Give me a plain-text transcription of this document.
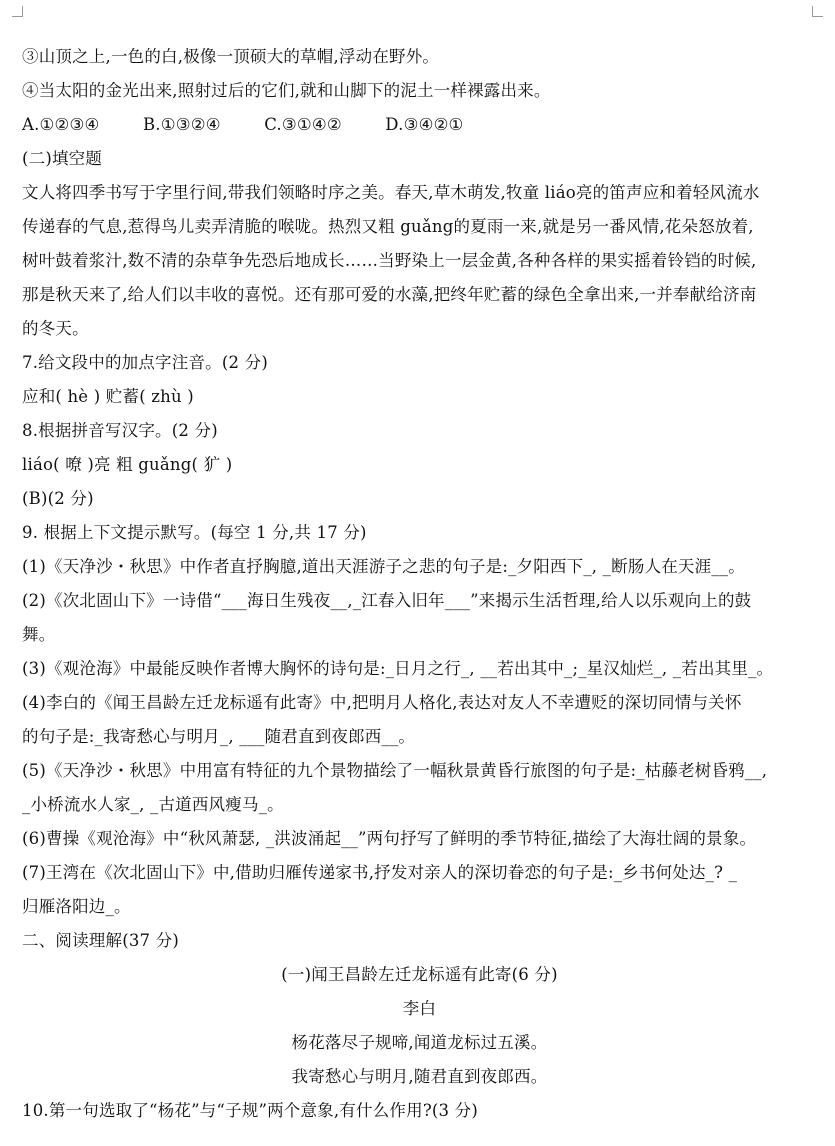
③山顶之上,一色的白,极像一顶硕大的草帽,浮动在野外。
④当太阳的金光出来,照射过后的它们,就和山脚下的泥土一样裸露出来。
A.①②③④	B.①③②④	C.③①④②	D.③④②①
(二)填空题
文人将四季书写于字里行间,带我们领略时序之美。春天,草木萌发,牧童 liáo亮的笛声应和着轻风流水
传递春的气息,惹得鸟儿卖弄清脆的喉咙。热烈又粗 guǎng的夏雨一来,就是另一番风情,花朵怒放着,
树叶鼓着浆汁,数不清的杂草争先恐后地成长……当野染上一层金黄,各种各样的果实摇着铃铛的时候,
那是秋天来了,给人们以丰收的喜悦。还有那可爱的水藻,把终年贮蓄的绿色全拿出来,一并奉献给济南
的冬天。
7.给文段中的加点字注音。(2 分)
应和( hè ) 贮蓄( zhù )
8.根据拼音写汉字。(2 分)
liáo( 嘹 )亮 粗 guǎng( 犷 )
(B)(2 分)
9. 根据上下文提示默写。(每空 1 分,共 17 分)
(1)《天净沙・秋思》中作者直抒胸臆,道出天涯游子之悲的句子是:_夕阳西下_, _断肠人在天涯__。
(2)《次北固山下》一诗借“___海日生残夜__,_江春入旧年___”来揭示生活哲理,给人以乐观向上的鼓
舞。
(3)《观沧海》中最能反映作者博大胸怀的诗句是:_日月之行_, __若出其中_;_星汉灿烂_, _若出其里_。
(4)李白的《闻王昌龄左迁龙标遥有此寄》中,把明月人格化,表达对友人不幸遭贬的深切同情与关怀
的句子是:_我寄愁心与明月_, ___随君直到夜郎西__。
(5)《天净沙・秋思》中用富有特征的九个景物描绘了一幅秋景黄昏行旅图的句子是:_枯藤老树昏鸦__,
_小桥流水人家_, _古道西风瘦马_。
(6)曹操《观沧海》中“秋风萧瑟, _洪波涌起__”两句抒写了鲜明的季节特征,描绘了大海壮阔的景象。
(7)王湾在《次北固山下》中,借助归雁传递家书,抒发对亲人的深切眷恋的句子是:_乡书何处达_? _
归雁洛阳边_。
二、阅读理解(37 分)
(一)闻王昌龄左迁龙标遥有此寄(6 分)
李白
杨花落尽子规啼,闻道龙标过五溪。
我寄愁心与明月,随君直到夜郎西。
10.第一句选取了“杨花”与“子规”两个意象,有什么作用?(3 分)
